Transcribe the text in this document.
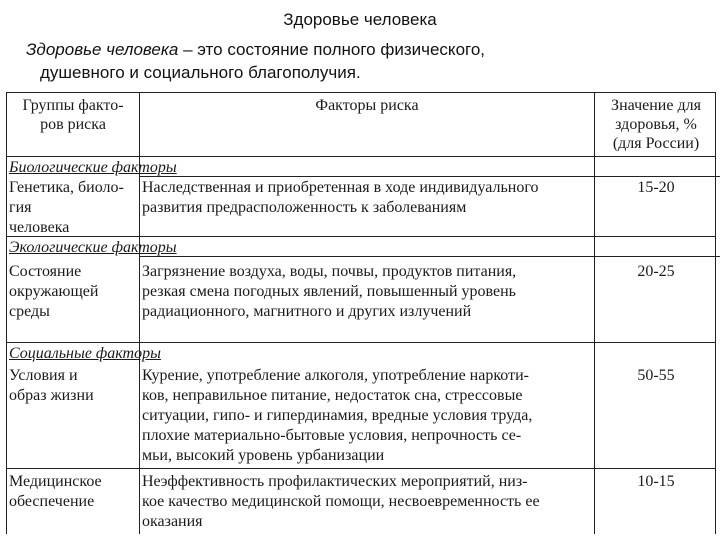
Здоровье человека
Здоровье человека – это состояние полного физического,
душевного и социального благополучия.
Группы факто-
ров риска
Факторы риска	Значение для
здоровья, %
(для России)
Биологические факторы
Генетика, биоло-
гия
человека
Наследственная и приобретенная в ходе индивидуального
развития предрасположенность к заболеваниям
15-20
Экологические факторы
Состояние
окружающей
среды
Загрязнение воздуха, воды, почвы, продуктов питания,
резкая смена погодных явлений, повышенный уровень
радиационного, магнитного и других излучений
20-25
Социальные факторы
Условия и
образ жизни
Курение, употребление алкоголя, употребление наркоти-
ков, неправильное питание, недостаток сна, стрессовые
ситуации, гипо- и гипердинамия, вредные условия труда,
плохие материально-бытовые условия, непрочность се-
мьи, высокий уровень урбанизации
50-55
Медицинское
обеспечение
Неэффективность профилактических мероприятий, низ-
кое качество медицинской помощи, несвоевременность ее
оказания
10-15
